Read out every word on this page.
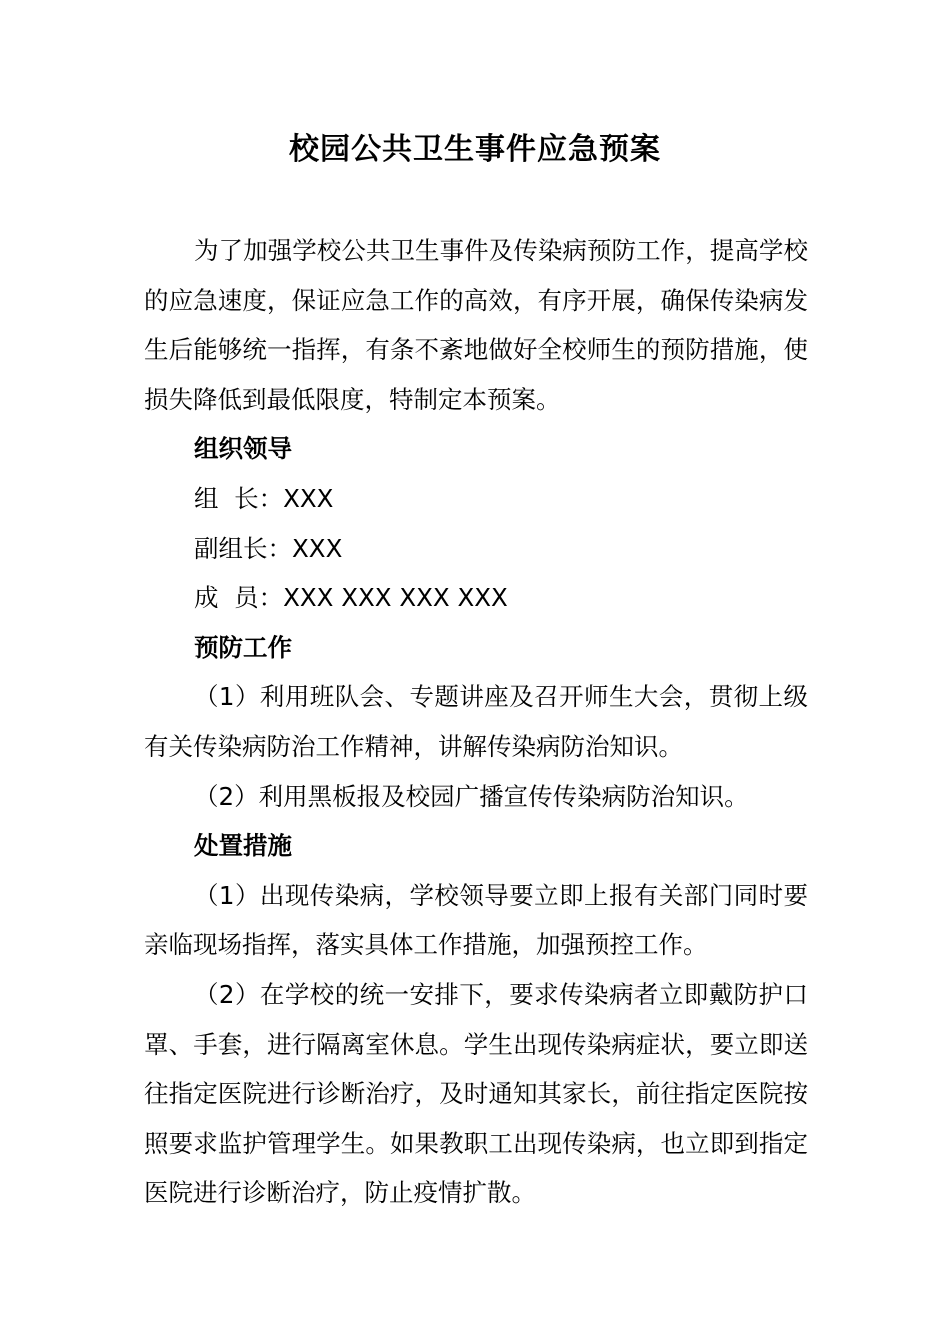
校园公共卫生事件应急预案

为了加强学校公共卫生事件及传染病预防工作，提高学校的应急速度，保证应急工作的高效，有序开展，确保传染病发生后能够统一指挥，有条不紊地做好全校师生的预防措施，使损失降低到最低限度，特制定本预案。

组织领导

组  长：XXX

副组长：XXX

成  员：XXX XXX XXX XXX

预防工作

（1）利用班队会、专题讲座及召开师生大会，贯彻上级有关传染病防治工作精神，讲解传染病防治知识。

（2）利用黑板报及校园广播宣传传染病防治知识。

处置措施

（1）出现传染病，学校领导要立即上报有关部门同时要亲临现场指挥，落实具体工作措施，加强预控工作。

（2）在学校的统一安排下，要求传染病者立即戴防护口罩、手套，进行隔离室休息。学生出现传染病症状，要立即送往指定医院进行诊断治疗，及时通知其家长，前往指定医院按照要求监护管理学生。如果教职工出现传染病，也立即到指定医院进行诊断治疗，防止疫情扩散。
